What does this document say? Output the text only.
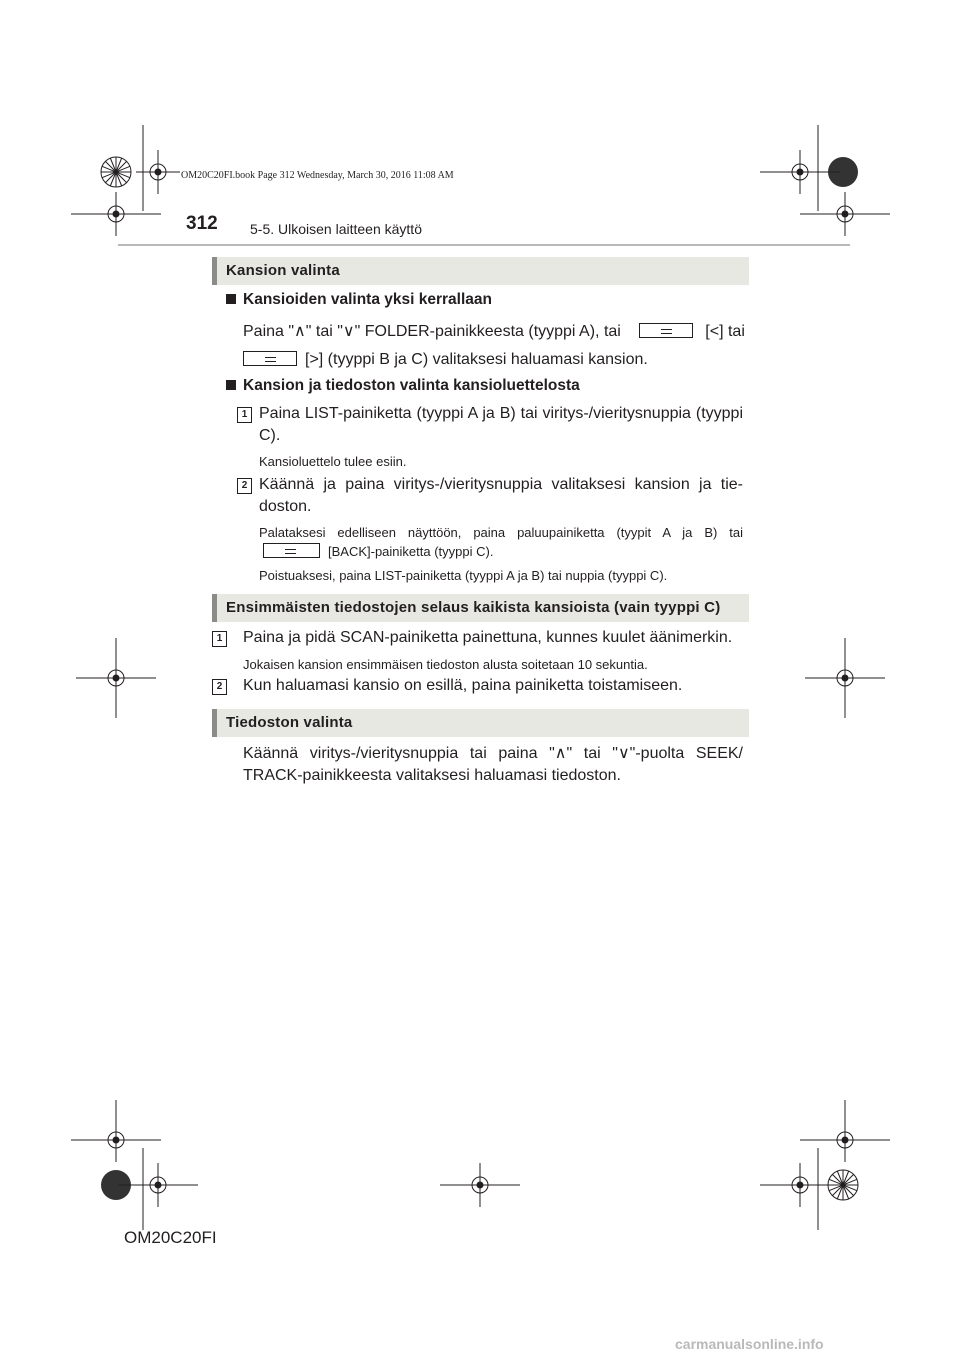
OM20C20FI.book Page 312 Wednesday, March 30, 2016 11:08 AM
312 5-5. Ulkoisen laitteen käyttö
Kansion valinta
Kansioiden valinta yksi kerrallaan
Paina "∧" tai "∨" FOLDER-painikkeesta (tyyppi A), tai	[<] tai
[>] (tyyppi B ja C) valitaksesi haluamasi kansion.
Kansion ja tiedoston valinta kansioluettelosta
1 Paina LIST-painiketta (tyyppi A ja B) tai viritys-/vieritysnuppia (tyyppi C).
Kansioluettelo tulee esiin.
2 Käännä ja paina viritys-/vieritysnuppia valitaksesi kansion ja tie-
doston.
Palataksesi edelliseen näyttöön, paina paluupainiketta (tyypit A ja B) tai
[BACK]-painiketta (tyyppi C).
Poistuaksesi, paina LIST-painiketta (tyyppi A ja B) tai nuppia (tyyppi C).
Ensimmäisten tiedostojen selaus kaikista kansioista (vain tyyppi C)
1 Paina ja pidä SCAN-painiketta painettuna, kunnes kuulet äänimerkin.
Jokaisen kansion ensimmäisen tiedoston alusta soitetaan 10 sekuntia.
2 Kun haluamasi kansio on esillä, paina painiketta toistamiseen.
Tiedoston valinta
Käännä viritys-/vieritysnuppia tai paina "∧" tai "∨"-puolta SEEK/
TRACK-painikkeesta valitaksesi haluamasi tiedoston.
OM20C20FI
carmanualsonline.info
